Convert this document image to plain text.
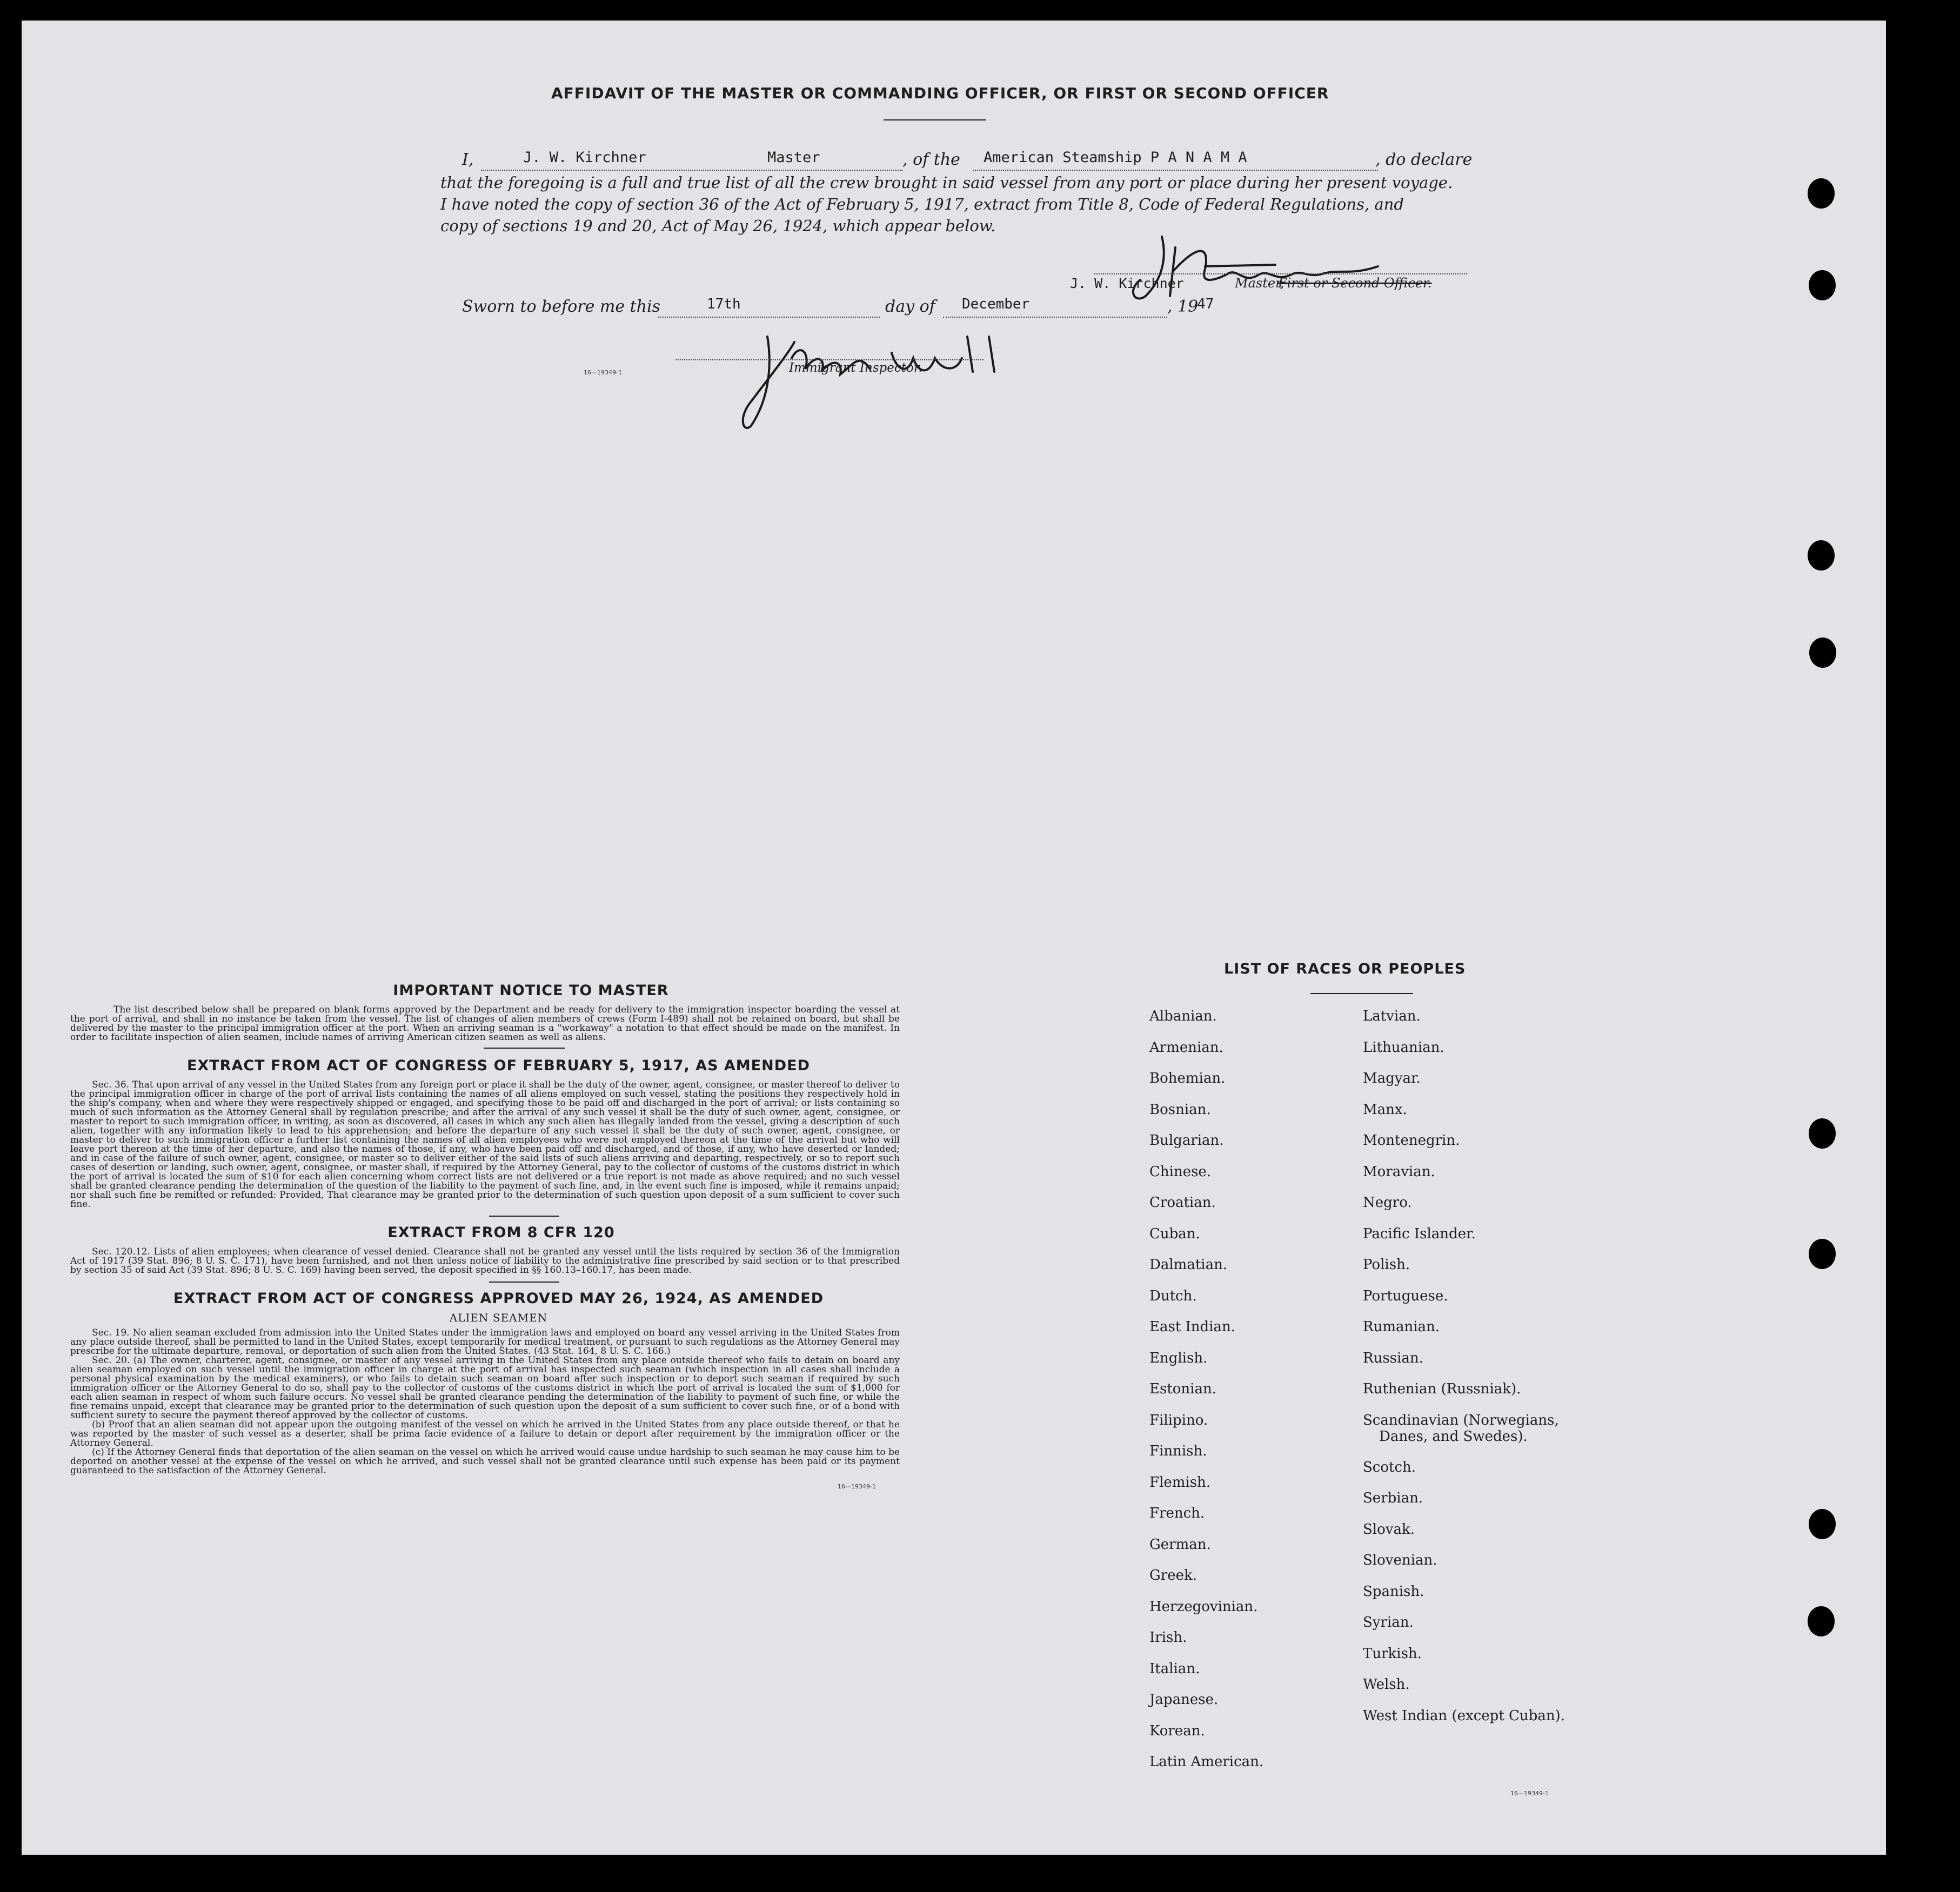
AFFIDAVIT OF THE MASTER OR COMMANDING OFFICER, OR FIRST OR SECOND OFFICER
I,	J. W. Kirchner	Master	, of the American Steamship P A N A M A	, do declare
that the foregoing is a full and true list of all the crew brought in said vessel from any port or place during her present voyage.
I have noted the copy of section 36 of the Act of February 5, 1917, extract from Title 8, Code of Federal Regulations, and
copy of sections 19 and 20, Act of May 26, 1924, which appear below.
J. W. Kirchner	Master,
First or Second Officer.
Sworn to before me this	17th	day of December	, 19
47
Immigrant Inspector.
16—19349-1
IMPORTANT NOTICE TO MASTER

The list described below shall be prepared on blank forms approved by the Department and be ready for delivery to the immigration inspector boarding the vessel at the port of arrival, and shall in no instance be taken from the vessel. The list of changes of alien members of crews (Form I-489) shall not be retained on board, but shall be delivered by the master to the principal immigration officer at the port. When an arriving seaman is a "workaway" a notation to that effect should be made on the manifest. In order to facilitate inspection of alien seamen, include names of arriving American citizen seamen as well as aliens.

EXTRACT FROM ACT OF CONGRESS OF FEBRUARY 5, 1917, AS AMENDED

Sec. 36. That upon arrival of any vessel in the United States from any foreign port or place it shall be the duty of the owner, agent, consignee, or master thereof to deliver to the principal immigration officer in charge of the port of arrival lists containing the names of all aliens employed on such vessel, stating the positions they respectively hold in the ship's company, when and where they were respectively shipped or engaged, and specifying those to be paid off and discharged in the port of arrival; or lists containing so much of such information as the Attorney General shall by regulation prescribe; and after the arrival of any such vessel it shall be the duty of such owner, agent, consignee, or master to report to such immigration officer, in writing, as soon as discovered, all cases in which any such alien has illegally landed from the vessel, giving a description of such alien, together with any information likely to lead to his apprehension; and before the departure of any such vessel it shall be the duty of such owner, agent, consignee, or master to deliver to such immigration officer a further list containing the names of all alien employees who were not employed thereon at the time of the arrival but who will leave port thereon at the time of her departure, and also the names of those, if any, who have been paid off and discharged, and of those, if any, who have deserted or landed; and in case of the failure of such owner, agent, consignee, or master so to deliver either of the said lists of such aliens arriving and departing, respectively, or so to report such cases of desertion or landing, such owner, agent, consignee, or master shall, if required by the Attorney General, pay to the collector of customs of the customs district in which the port of arrival is located the sum of $10 for each alien concerning whom correct lists are not delivered or a true report is not made as above required; and no such vessel shall be granted clearance pending the determination of the question of the liability to the payment of such fine, and, in the event such fine is imposed, while it remains unpaid; nor shall such fine be remitted or refunded: Provided, That clearance may be granted prior to the determination of such question upon deposit of a sum sufficient to cover such fine.

EXTRACT FROM 8 CFR 120

Sec. 120.12. Lists of alien employees; when clearance of vessel denied. Clearance shall not be granted any vessel until the lists required by section 36 of the Immigration Act of 1917 (39 Stat. 896; 8 U. S. C. 171), have been furnished, and not then unless notice of liability to the administrative fine prescribed by said section or to that prescribed by section 35 of said Act (39 Stat. 896; 8 U. S. C. 169) having been served, the deposit specified in §§ 160.13–160.17, has been made.

EXTRACT FROM ACT OF CONGRESS APPROVED MAY 26, 1924, AS AMENDED
ALIEN SEAMEN

Sec. 19. No alien seaman excluded from admission into the United States under the immigration laws and employed on board any vessel arriving in the United States from any place outside thereof, shall be permitted to land in the United States, except temporarily for medical treatment, or pursuant to such regulations as the Attorney General may prescribe for the ultimate departure, removal, or deportation of such alien from the United States. (43 Stat. 164, 8 U. S. C. 166.)

Sec. 20. (a) The owner, charterer, agent, consignee, or master of any vessel arriving in the United States from any place outside thereof who fails to detain on board any alien seaman employed on such vessel until the immigration officer in charge at the port of arrival has inspected such seaman (which inspection in all cases shall include a personal physical examination by the medical examiners), or who fails to detain such seaman on board after such inspection or to deport such seaman if required by such immigration officer or the Attorney General to do so, shall pay to the collector of customs of the customs district in which the port of arrival is located the sum of $1,000 for each alien seaman in respect of whom such failure occurs. No vessel shall be granted clearance pending the determination of the liability to payment of such fine, or while the fine remains unpaid, except that clearance may be granted prior to the determination of such question upon the deposit of a sum sufficient to cover such fine, or of a bond with sufficient surety to secure the payment thereof approved by the collector of customs.

(b) Proof that an alien seaman did not appear upon the outgoing manifest of the vessel on which he arrived in the United States from any place outside thereof, or that he was reported by the master of such vessel as a deserter, shall be prima facie evidence of a failure to detain or deport after requirement by the immigration officer or the Attorney General.

(c) If the Attorney General finds that deportation of the alien seaman on the vessel on which he arrived would cause undue hardship to such seaman he may cause him to be deported on another vessel at the expense of the vessel on which he arrived, and such vessel shall not be granted clearance until such expense has been paid or its payment guaranteed to the satisfaction of the Attorney General.

16—19349-1
LIST OF RACES OR PEOPLES
Albanian.
Armenian.
Bohemian.
Bosnian.
Bulgarian.
Chinese.
Croatian.
Cuban.
Dalmatian.
Dutch.
East Indian.
English.
Estonian.
Filipino.
Finnish.
Flemish.
French.
German.
Greek.
Herzegovinian.
Irish.
Italian.
Japanese.
Korean.
Latin American.
Latvian.
Lithuanian.
Magyar.
Manx.
Montenegrin.
Moravian.
Negro.
Pacific Islander.
Polish.
Portuguese.
Rumanian.
Russian.
Ruthenian (Russniak).
Scandinavian (Norwegians,
Danes, and Swedes).
Scotch.
Serbian.
Slovak.
Slovenian.
Spanish.
Syrian.
Turkish.
Welsh.
West Indian (except Cuban).
16—19349-1
